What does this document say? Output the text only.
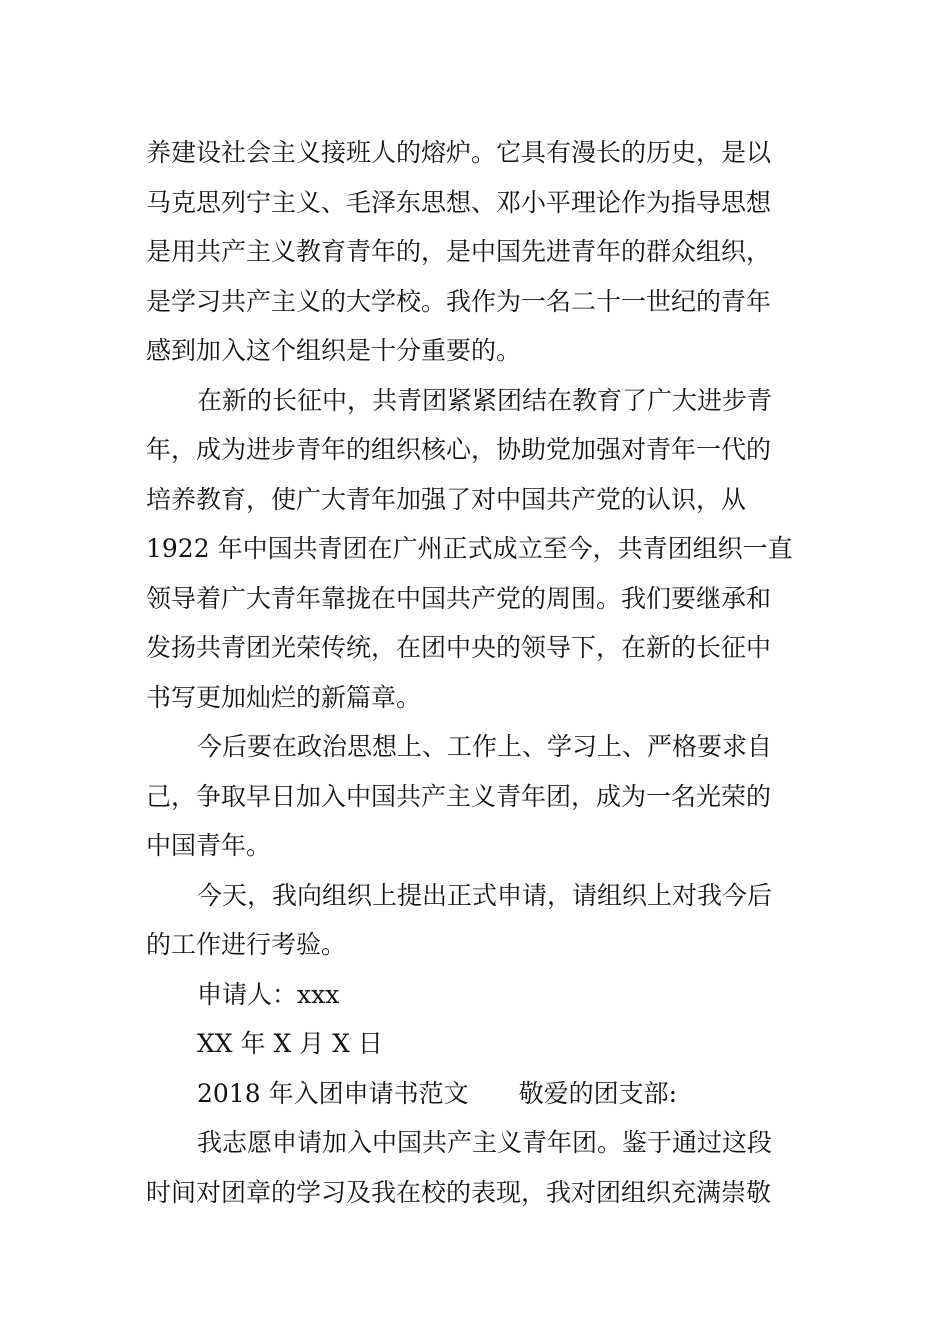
养建设社会主义接班人的熔炉。它具有漫长的历史，是以
马克思列宁主义、毛泽东思想、邓小平理论作为指导思想
是用共产主义教育青年的，是中国先进青年的群众组织，
是学习共产主义的大学校。我作为一名二十一世纪的青年
感到加入这个组织是十分重要的。

在新的长征中，共青团紧紧团结在教育了广大进步青
年，成为进步青年的组织核心，协助党加强对青年一代的
培养教育，使广大青年加强了对中国共产党的认识，从
1922 年中国共青团在广州正式成立至今，共青团组织一直
领导着广大青年靠拢在中国共产党的周围。我们要继承和
发扬共青团光荣传统，在团中央的领导下，在新的长征中
书写更加灿烂的新篇章。

今后要在政治思想上、工作上、学习上、严格要求自
己，争取早日加入中国共产主义青年团，成为一名光荣的
中国青年。

今天，我向组织上提出正式申请，请组织上对我今后
的工作进行考验。

申请人：xxx
XX 年 X 月 X 日

2018 年入团申请书范文 敬爱的团支部:

我志愿申请加入中国共产主义青年团。鉴于通过这段
时间对团章的学习及我在校的表现，我对团组织充满崇敬
